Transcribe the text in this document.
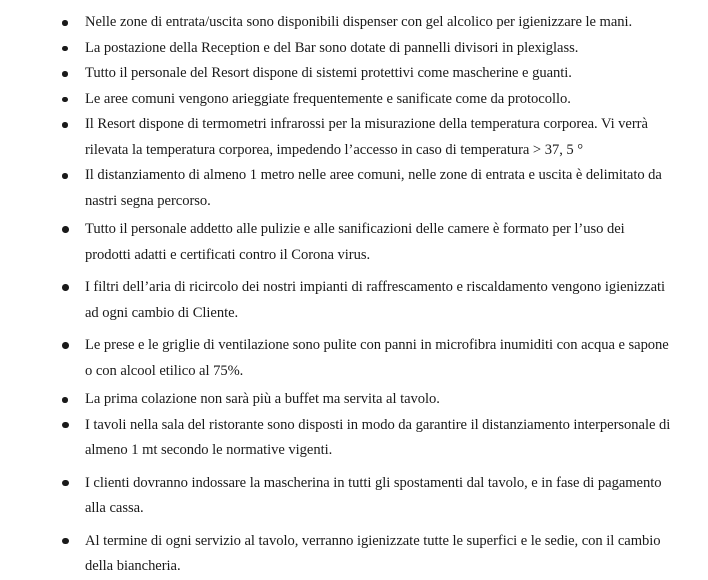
Nelle zone di entrata/uscita sono disponibili dispenser con gel alcolico per igienizzare le mani.
La postazione della Reception e del Bar sono dotate di pannelli divisori in plexiglass.
Tutto il personale del Resort dispone di sistemi protettivi come mascherine e guanti.
Le aree comuni vengono arieggiate frequentemente e sanificate come da protocollo.
Il Resort dispone di termometri infrarossi per la misurazione della temperatura corporea. Vi verrà rilevata la temperatura corporea, impedendo l’accesso in caso di temperatura > 37, 5 °
Il distanziamento di almeno 1 metro nelle aree comuni, nelle zone di entrata e uscita è delimitato da nastri segna percorso.
Tutto il personale addetto alle pulizie e alle sanificazioni delle camere è formato per l’uso dei prodotti adatti e certificati contro il Corona virus.
I filtri dell’aria di ricircolo dei nostri impianti di raffrescamento e riscaldamento vengono igienizzati ad ogni cambio di Cliente.
Le prese e le griglie di ventilazione sono pulite con panni in microfibra inumiditi con acqua e sapone o con alcool etilico al 75%.
La prima colazione non sarà più a buffet ma servita al tavolo.
I tavoli nella sala del ristorante sono disposti in modo da garantire il distanziamento interpersonale di almeno 1 mt secondo le normative vigenti.
I clienti dovranno indossare la mascherina in tutti gli spostamenti dal tavolo, e in fase di pagamento alla cassa.
Al termine di ogni servizio al tavolo, verranno igienizzate tutte le superfici e le sedie, con il cambio della biancheria.
